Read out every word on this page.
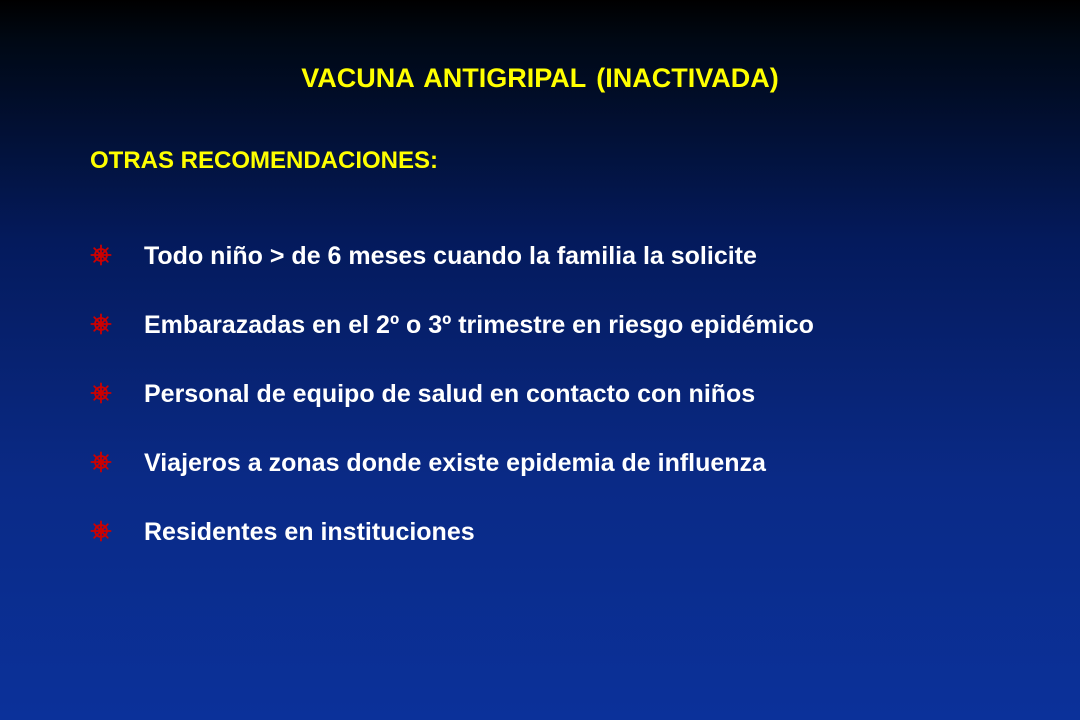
VACUNA ANTIGRIPAL (INACTIVADA)
OTRAS RECOMENDACIONES:
Todo niño > de 6 meses cuando la familia la solicite
Embarazadas en el 2º o 3º trimestre en riesgo epidémico
Personal de equipo de salud en contacto con niños
Viajeros a zonas donde existe epidemia de influenza
Residentes en instituciones
